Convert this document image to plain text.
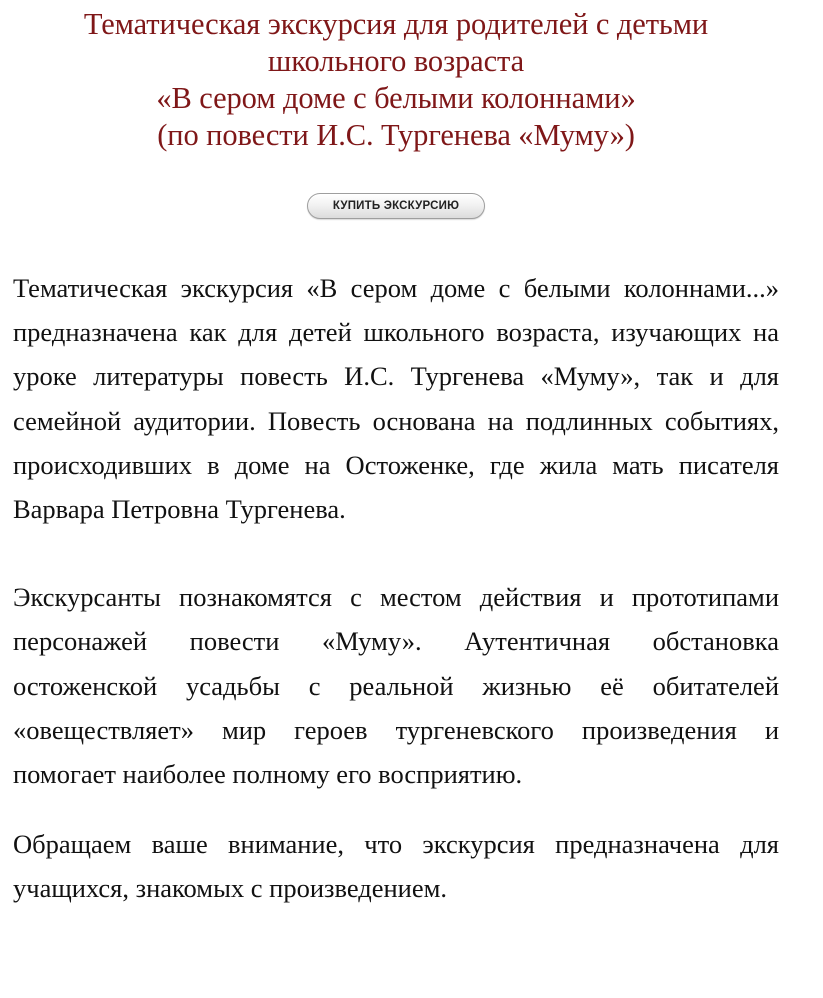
Тематическая экскурсия для родителей с детьми
школьного возраста
«В сером доме с белыми колоннами»
(по повести И.С. Тургенева «Муму»)
КУПИТЬ ЭКСКУРСИЮ

Тематическая экскурсия «В сером доме с белыми колоннами...» предназначена как для детей школьного возраста, изучающих на уроке литературы повесть И.С. Тургенева «Муму», так и для семейной аудитории. Повесть основана на подлинных событиях, происходивших в доме на Остоженке, где жила мать писателя Варвара Петровна Тургенева.

Экскурсанты познакомятся с местом действия и прототипами персонажей повести «Муму». Аутентичная обстановка остоженской усадьбы с реальной жизнью её обитателей «овеществляет» мир героев тургеневского произведения и помогает наиболее полному его восприятию.

Обращаем ваше внимание, что экскурсия предназначена для учащихся, знакомых с произведением.
